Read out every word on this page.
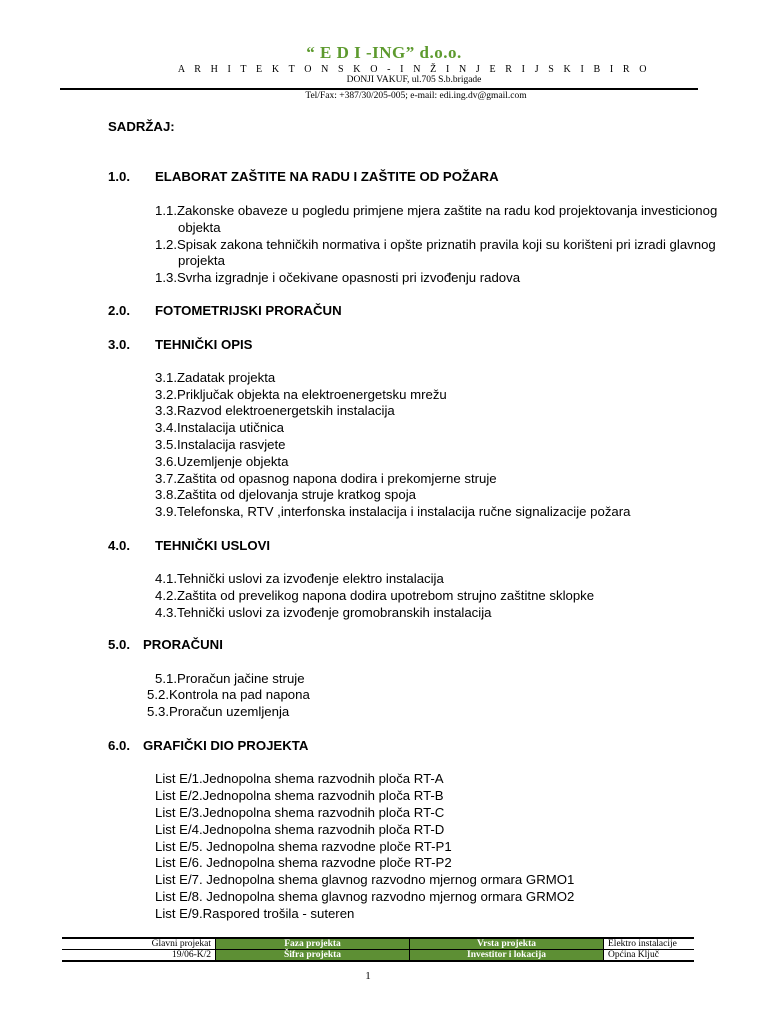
“ E D I -ING” d.o.o.
A R H I T E K T O N S K O - I N Ž I N J E R I J S K I B I R O
DONJI VAKUF, ul.705 S.b.brigade
Tel/Fax: +387/30/205-005; e-mail: edi.ing.dv@gmail.com
SADRŽAJ:
1.0. ELABORAT ZAŠTITE NA RADU I ZAŠTITE OD POŽARA
1.1.Zakonske obaveze u pogledu primjene mjera zaštite na radu kod projektovanja investicionog
objekta
1.2.Spisak zakona tehničkih normativa i opšte priznatih pravila koji su korišteni pri izradi glavnog
projekta
1.3.Svrha izgradnje i očekivane opasnosti pri izvođenju radova
2.0. FOTOMETRIJSKI PRORAČUN
3.0. TEHNIČKI OPIS
3.1.Zadatak projekta
3.2.Priključak objekta na elektroenergetsku mrežu
3.3.Razvod elektroenergetskih instalacija
3.4.Instalacija utičnica
3.5.Instalacija rasvjete
3.6.Uzemljenje objekta
3.7.Zaštita od opasnog napona dodira i prekomjerne struje
3.8.Zaštita od djelovanja struje kratkog spoja
3.9.Telefonska, RTV ,interfonska instalacija i instalacija ručne signalizacije požara
4.0. TEHNIČKI USLOVI
4.1.Tehnički uslovi za izvođenje elektro instalacija
4.2.Zaštita od prevelikog napona dodira upotrebom strujno zaštitne sklopke
4.3.Tehnički uslovi za izvođenje gromobranskih instalacija
5.0. PRORAČUNI
5.1.Proračun jačine struje
5.2.Kontrola na pad napona
5.3.Proračun uzemljenja
6.0. GRAFIČKI DIO PROJEKTA
List E/1.Jednopolna shema razvodnih ploča RT-A
List E/2.Jednopolna shema razvodnih ploča RT-B
List E/3.Jednopolna shema razvodnih ploča RT-C
List E/4.Jednopolna shema razvodnih ploča RT-D
List E/5. Jednopolna shema razvodne ploče RT-P1
List E/6. Jednopolna shema razvodne ploče RT-P2
List E/7. Jednopolna shema glavnog razvodno mjernog ormara GRMO1
List E/8. Jednopolna shema glavnog razvodno mjernog ormara GRMO2
List E/9.Raspored trošila - suteren
Glavni projekat	Faza projekta	Vrsta projekta	Elektro instalacije
19/06-K/2	Šifra projekta	Investitor i lokacija	Općina Ključ
1
